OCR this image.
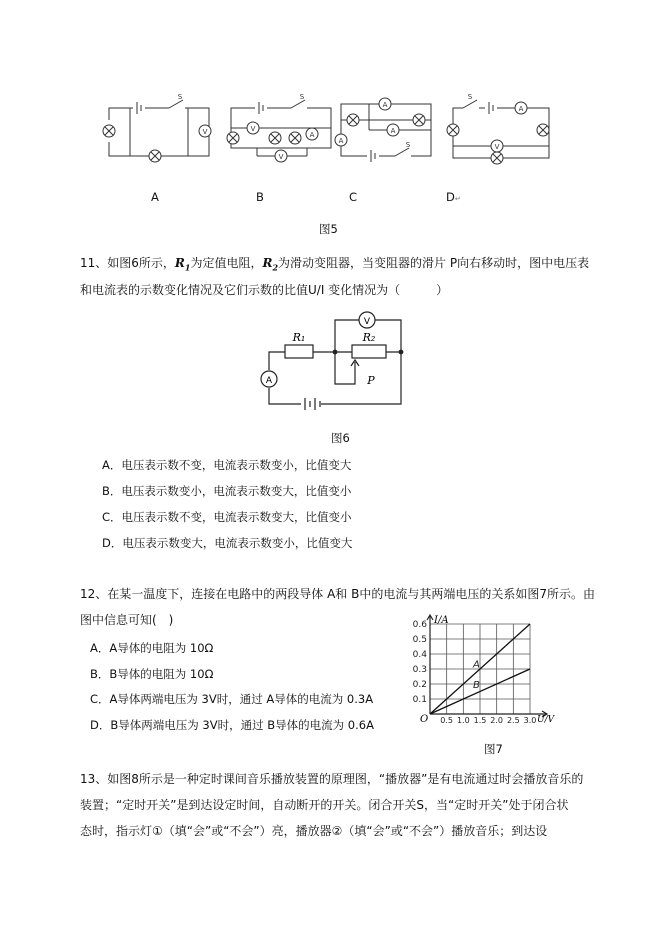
V	V
V
A
A
A
A
A
V
S	S
S
S
A	B	C	D↵
图5
11、如图6所示，$R_1$为定值电阻，$R_2$为滑动变阻器，当变阻器的滑片 P向右移动时，图中电压表
和电流表的示数变化情况及它们示数的比值U/I 变化情况为（　　　）
R₁	R₂
P
V
A
图6
A．电压表示数不变，电流表示数变小，比值变大
B．电压表示数变小，电流表示数变大，比值变小
C．电压表示数不变，电流表示数变大，比值变小
D．电压表示数变大，电流表示数变小，比值变大
12、在某一温度下，连接在电路中的两段导体 A和 B中的电流与其两端电压的关系如图7所示。由
图中信息可知(　)
A．A导体的电阻为 10Ω
B．B导体的电阻为 10Ω
C．A导体两端电压为 3V时，通过 A导体的电流为 0.3A
D．B导体两端电压为 3V时，通过 B导体的电流为 0.6A
0.1
0.2
0.3
0.4
0.5
0.6
0.5 1.0 1.5 2.0 2.5 3.0
I/A
U/V
O
A
B
图7
13、如图8所示是一种定时课间音乐播放装置的原理图，“播放器”是有电流通过时会播放音乐的
装置；“定时开关”是到达设定时间，自动断开的开关。闭合开关S，当“定时开关”处于闭合状
态时，指示灯①（填“会”或“不会”）亮，播放器②（填“会”或“不会”）播放音乐；到达设
